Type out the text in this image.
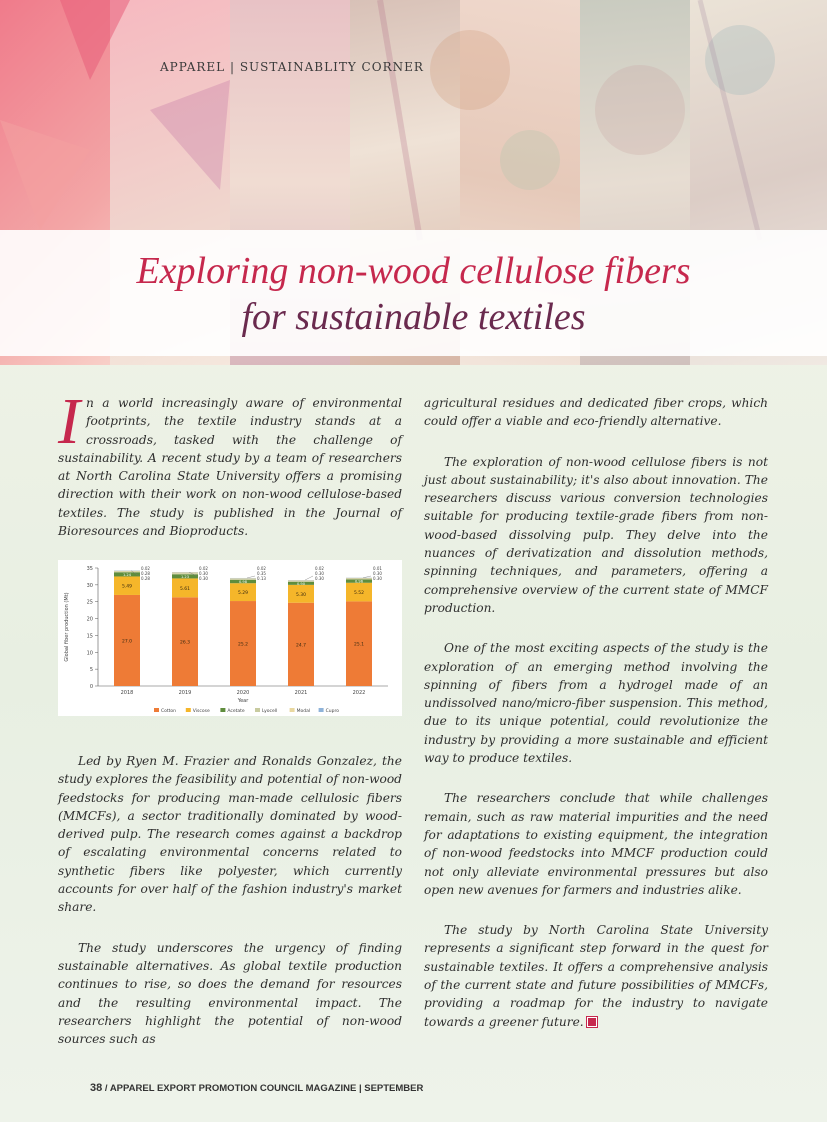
APPAREL | SUSTAINABLITY CORNER
Exploring non-wood cellulose fibers
for sustainable textiles

In a world increasingly aware of environmental footprints, the textile industry stands at a crossroads, tasked with the challenge of sustainability. A recent study by a team of researchers at North Carolina State University offers a promising direction with their work on non-wood cellulose-based textiles. The study is published in the Journal of Bioresources and Bioproducts.

0
5
10
15
20
25
30
35
Global fiber production (Mt)
Year
27.0
5.49
1.24
0.02
0.28
0.28
2018
26.3
5.61
1.23
0.02
0.30
0.30
2019
25.2
5.29
0.98
0.02
0.35
0.13
2020
24.7
5.30
0.90
0.02
0.30
0.30
2021
25.1
5.52
0.96
0.01
0.30
0.30
2022
Cotton	Viscose	Acetate	Lyocell	Modal	Cupro

Led by Ryen M. Frazier and Ronalds Gonzalez, the study explores the feasibility and potential of non-wood feedstocks for producing man-made cellulosic fibers (MMCFs), a sector traditionally dominated by wood-derived pulp. The research comes against a backdrop of escalating environmental concerns related to synthetic fibers like polyester, which currently accounts for over half of the fashion industry's market share.

The study underscores the urgency of finding sustainable alternatives. As global textile production continues to rise, so does the demand for resources and the resulting environmental impact. The researchers highlight the potential of non-wood sources such as

agricultural residues and dedicated fiber crops, which could offer a viable and eco-friendly alternative.

The exploration of non-wood cellulose fibers is not just about sustainability; it's also about innovation. The researchers discuss various conversion technologies suitable for producing textile-grade fibers from non-wood-based dissolving pulp. They delve into the nuances of derivatization and dissolution methods, spinning techniques, and parameters, offering a comprehensive overview of the current state of MMCF production.

One of the most exciting aspects of the study is the exploration of an emerging method involving the spinning of fibers from a hydrogel made of an undissolved nano/micro-fiber suspension. This method, due to its unique potential, could revolutionize the industry by providing a more sustainable and efficient way to produce textiles.

The researchers conclude that while challenges remain, such as raw material impurities and the need for adaptations to existing equipment, the integration of non-wood feedstocks into MMCF production could not only alleviate environmental pressures but also open new avenues for farmers and industries alike.

The study by North Carolina State University represents a significant step forward in the quest for sustainable textiles. It offers a comprehensive analysis of the current state and future possibilities of MMCFs, providing a roadmap for the industry to navigate towards a greener future.

38 / APPAREL EXPORT PROMOTION COUNCIL MAGAZINE | SEPTEMBER
